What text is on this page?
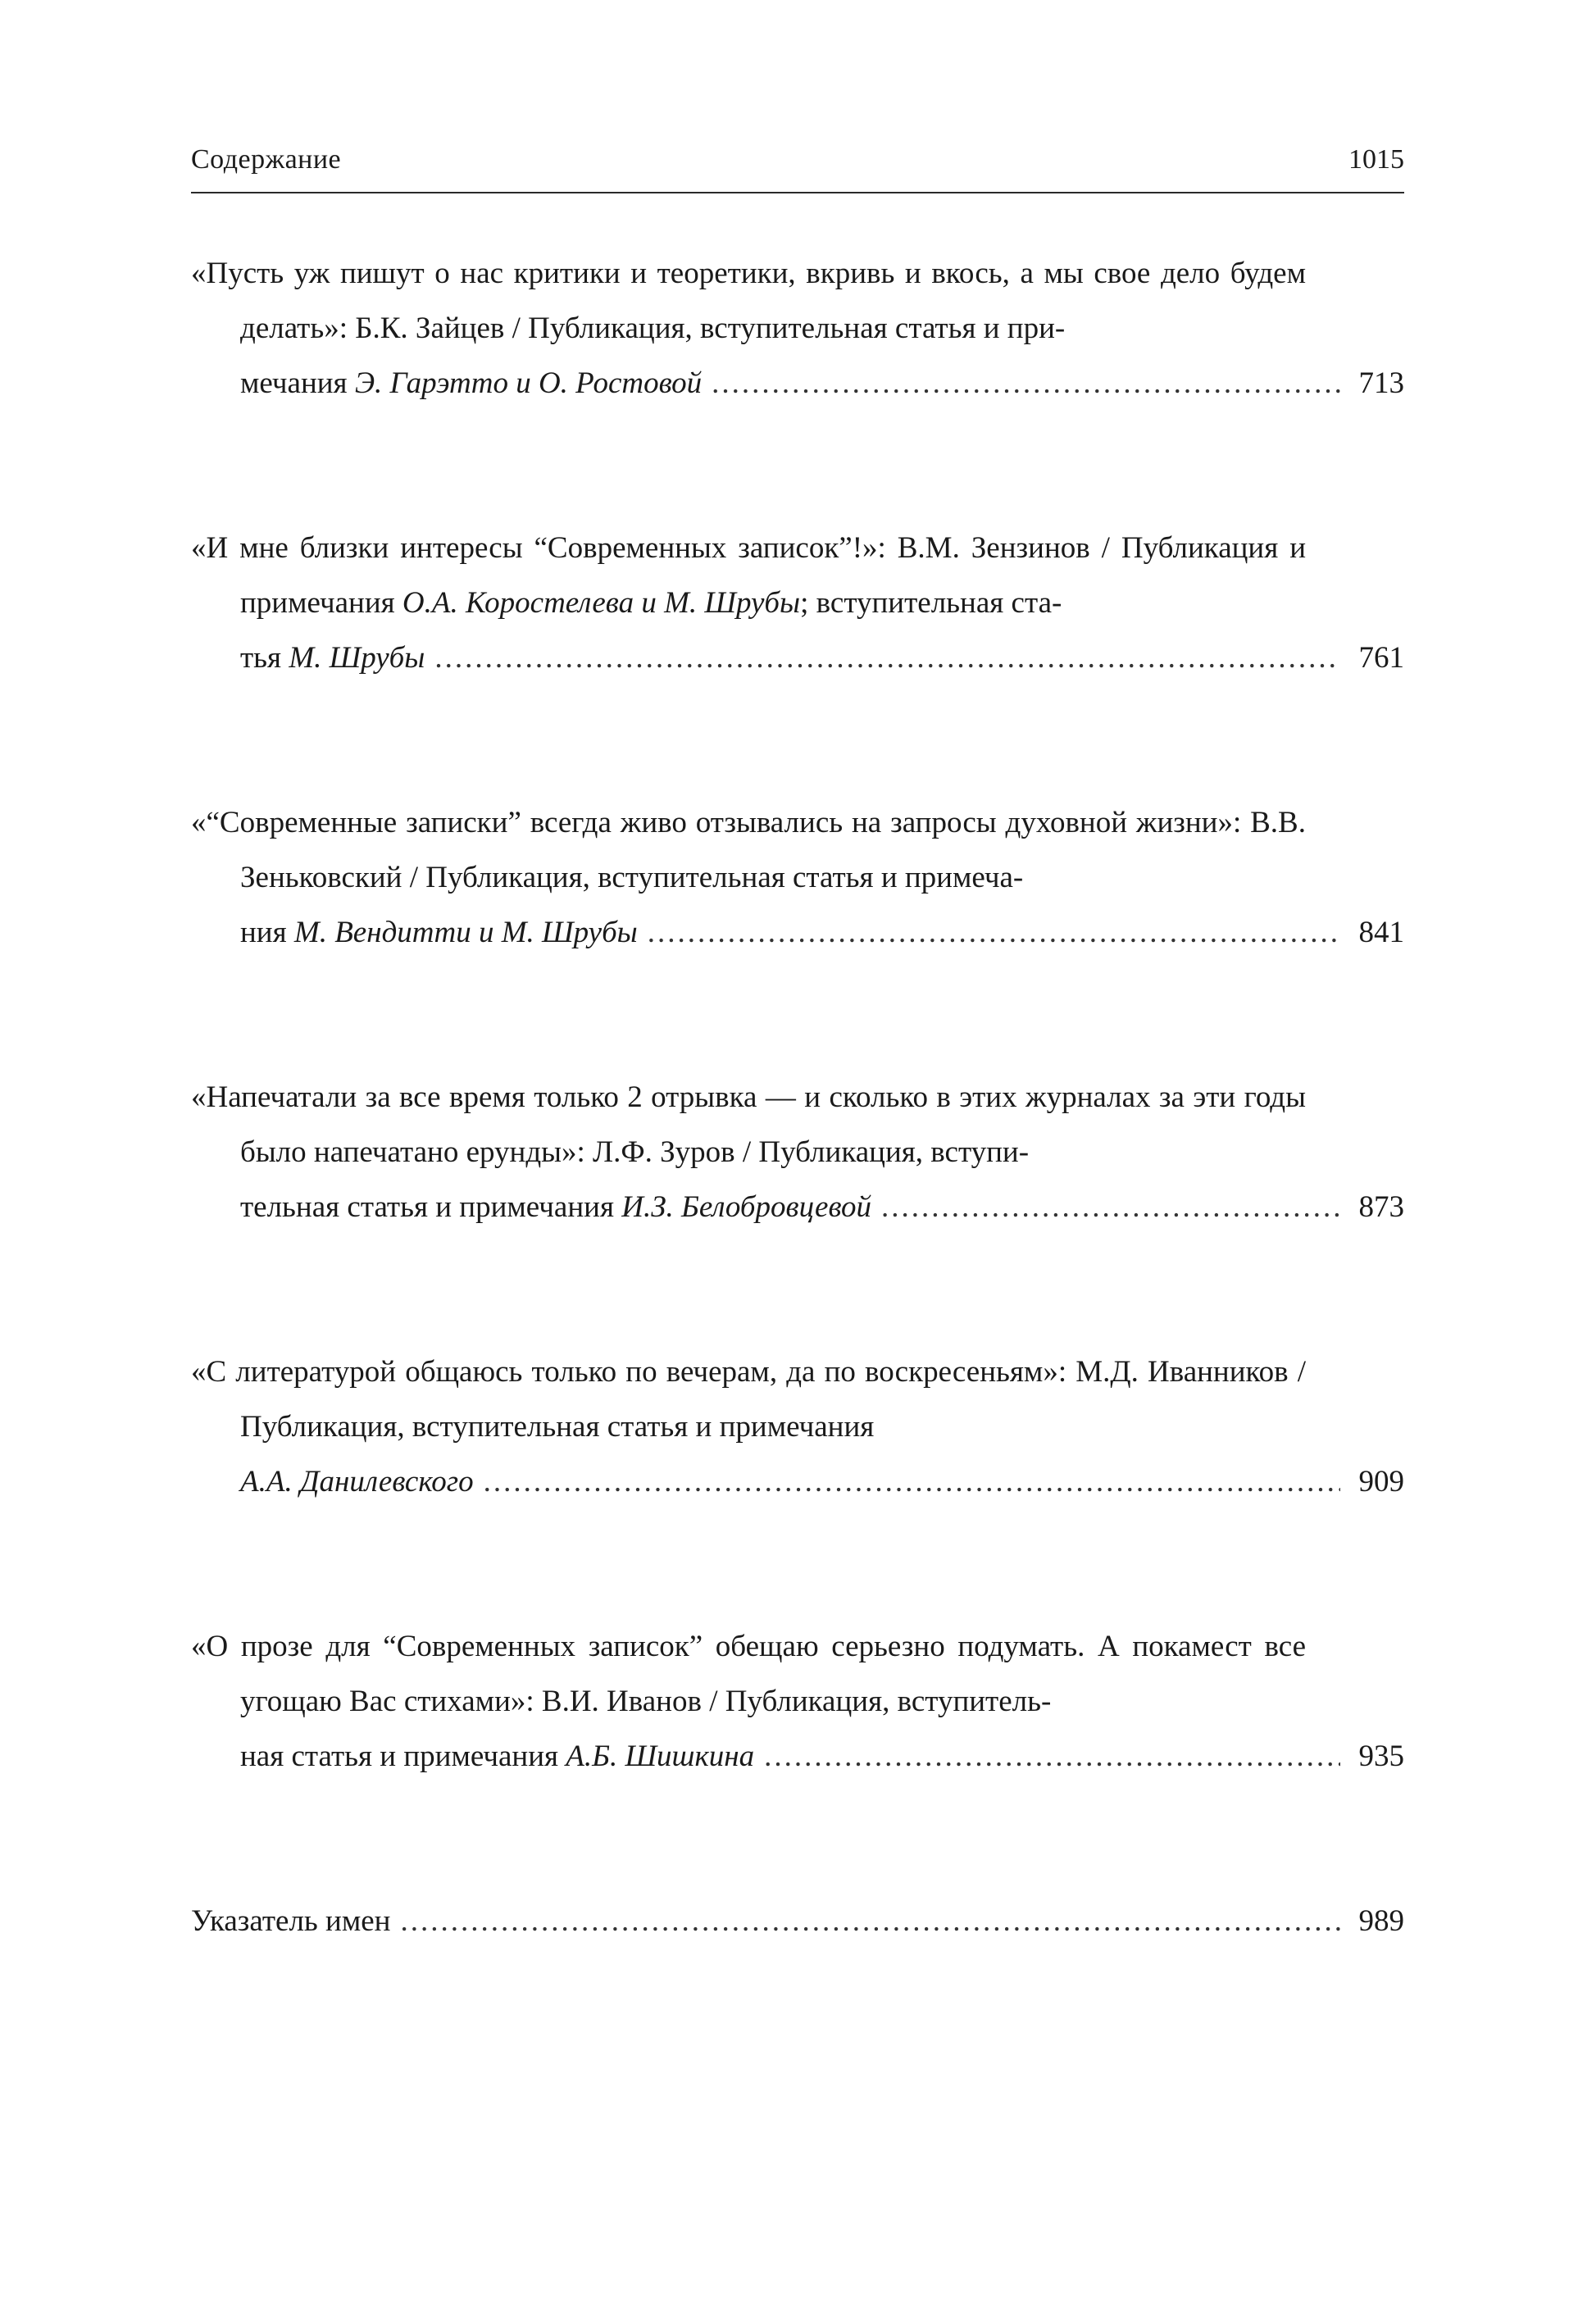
Содержание	1015

«Пусть уж пишут о нас критики и теоретики, вкривь и вкось, а мы свое дело будем делать»: Б.К. Зайцев / Публикация, вступительная статья и при-

мечания Э. Гарэтто и О. Ростовой .....	713

«И мне близки интересы “Современных записок”!»: В.М. Зензинов / Публикация и примечания О.А. Коростелева и М. Шрубы; вступительная ста-

тья М. Шрубы .....	761

«“Современные записки” всегда живо отзывались на запросы духовной жизни»: В.В. Зеньковский / Публикация, вступительная статья и примеча-

ния М. Вендитти и М. Шрубы .....	841

«Напечатали за все время только 2 отрывка — и сколько в этих журналах за эти годы было напечатано ерунды»: Л.Ф. Зуров / Публикация, вступи-

тельная статья и примечания И.З. Белобровцевой .....	873

«С литературой общаюсь только по вечерам, да по воскресеньям»: М.Д. Иванников / Публикация, вступительная статья и примечания

А.А. Данилевского .....	909

«О прозе для “Современных записок” обещаю серьезно подумать. А покамест все угощаю Вас стихами»: В.И. Иванов / Публикация, вступитель-

ная статья и примечания А.Б. Шишкина .....	935
Указатель имен .....	989
